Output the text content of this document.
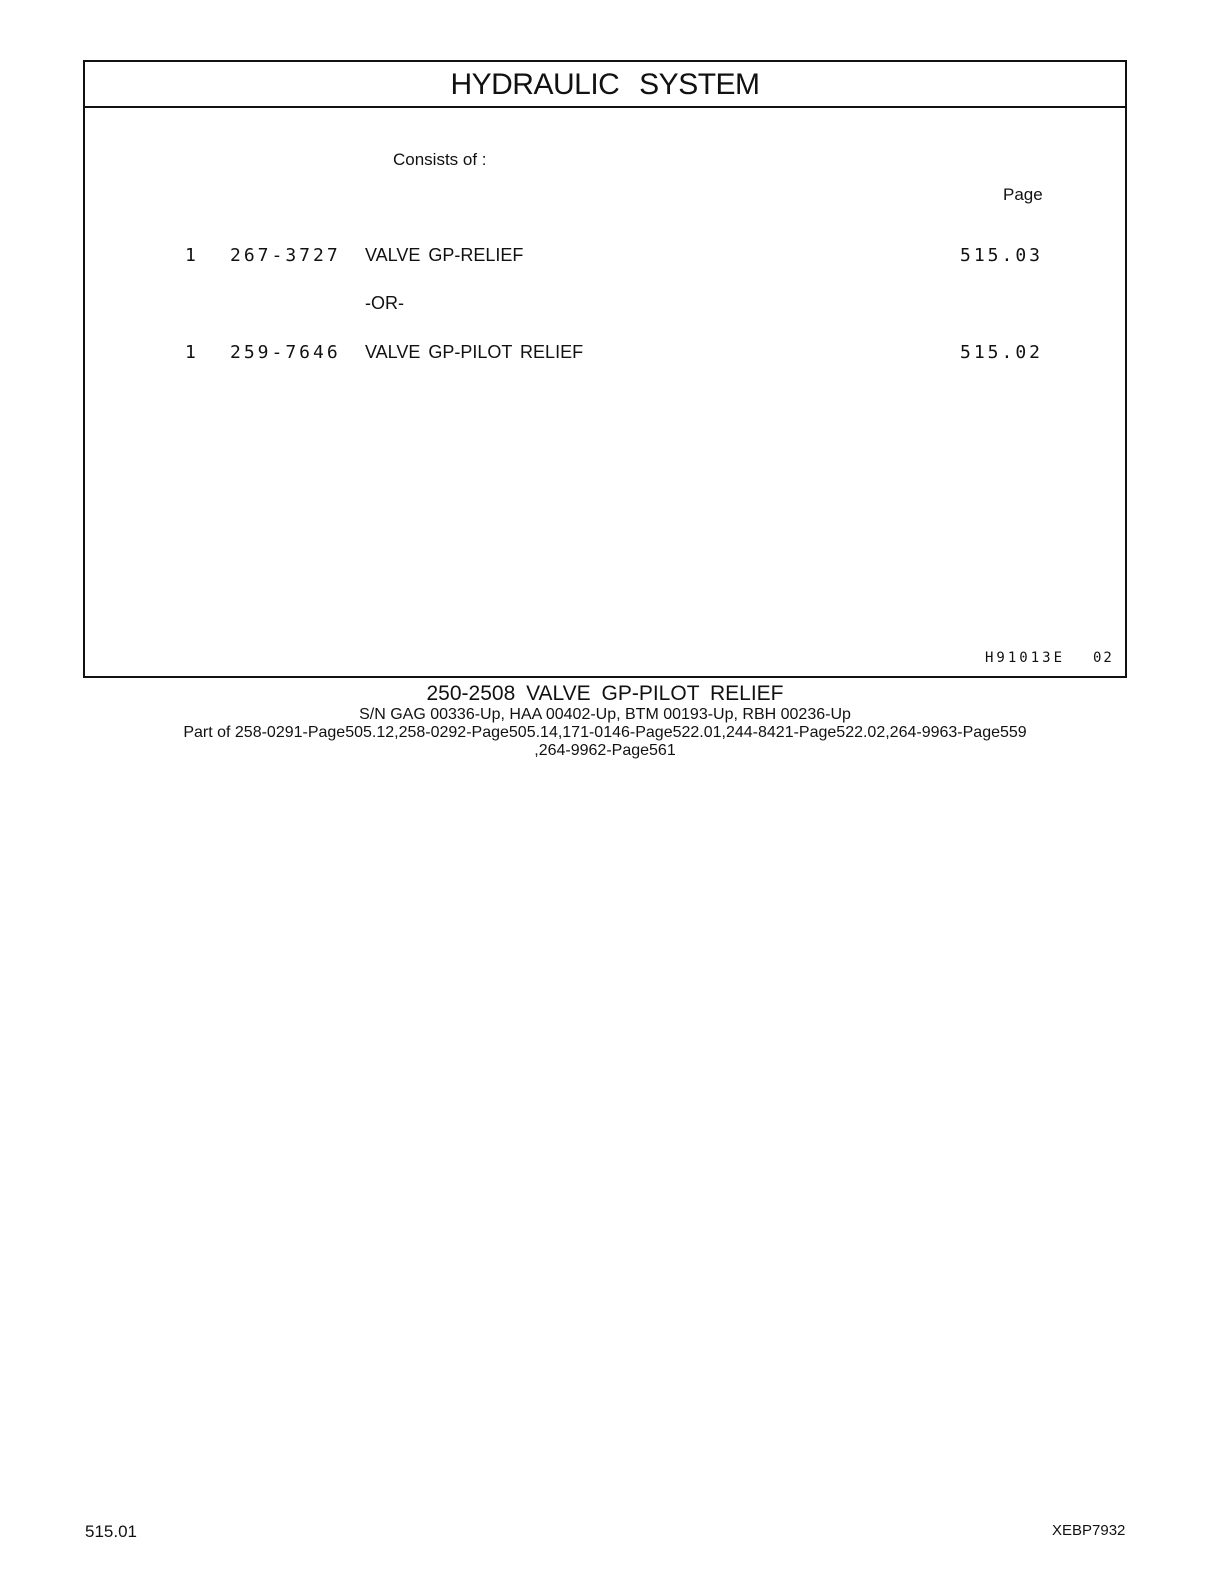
HYDRAULIC SYSTEM
Consists of :
Page
1 267-3727 VALVE GP-RELIEF	515.03
-OR-
1 259-7646 VALVE GP-PILOT RELIEF	515.02
H91013E 02
250-2508 VALVE GP-PILOT RELIEF
S/N GAG 00336-Up, HAA 00402-Up, BTM 00193-Up, RBH 00236-Up
Part of 258-0291-Page505.12,258-0292-Page505.14,171-0146-Page522.01,244-8421-Page522.02,264-9963-Page559
,264-9962-Page561
515.01	XEBP7932
